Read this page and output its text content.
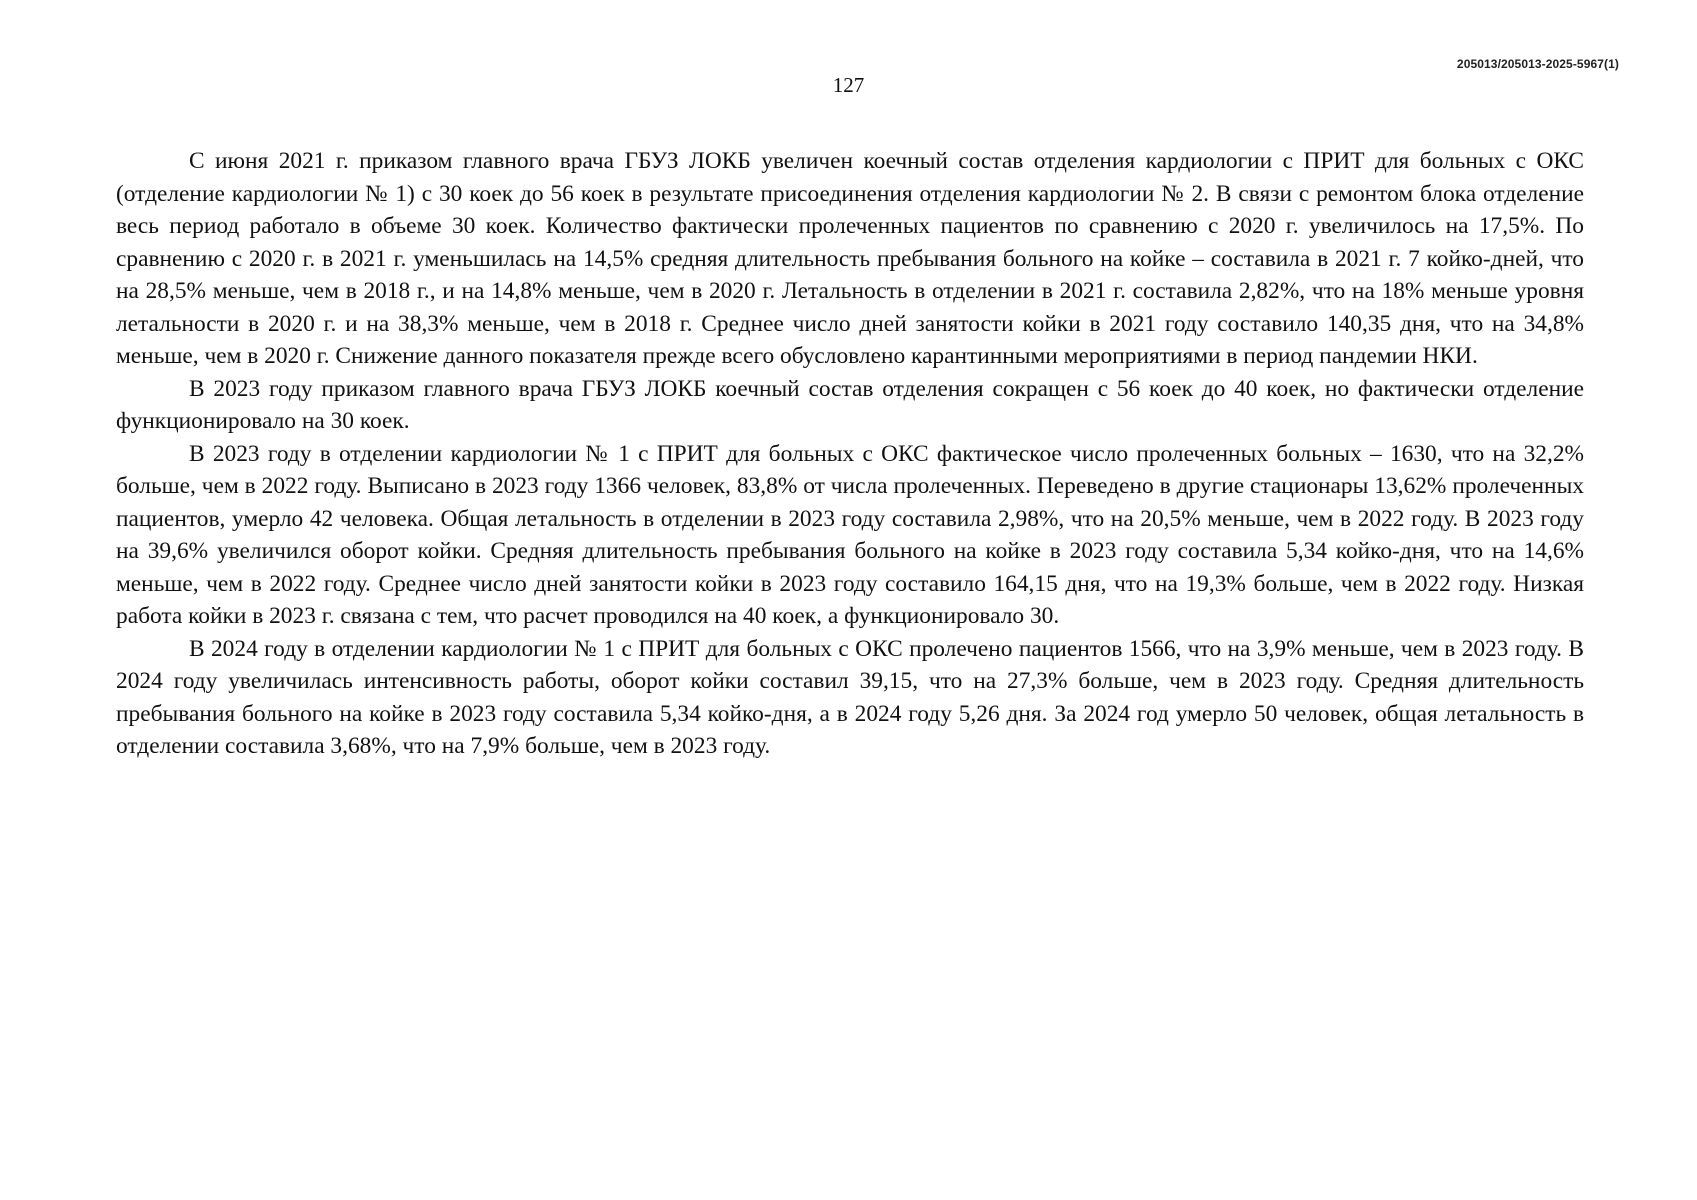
205013/205013-2025-5967(1)
127

С июня 2021 г. приказом главного врача ГБУЗ ЛОКБ увеличен коечный состав отделения кардиологии с ПРИТ для больных с ОКС (отделение кардиологии № 1) с 30 коек до 56 коек в результате присоединения отделения кардиологии № 2. В связи с ремонтом блока отделение весь период работало в объеме 30 коек. Количество фактически пролеченных пациентов по сравнению с 2020 г. увеличилось на 17,5%. По сравнению с 2020 г. в 2021 г. уменьшилась на 14,5% средняя длительность пребывания больного на койке – составила в 2021 г. 7 койко-дней, что на 28,5% меньше, чем в 2018 г., и на 14,8% меньше, чем в 2020 г. Летальность в отделении в 2021 г. составила 2,82%, что на 18% меньше уровня летальности в 2020 г. и на 38,3% меньше, чем в 2018 г. Среднее число дней занятости койки в 2021 году составило 140,35 дня, что на 34,8% меньше, чем в 2020 г. Снижение данного показателя прежде всего обусловлено карантинными мероприятиями в период пандемии НКИ.

В 2023 году приказом главного врача ГБУЗ ЛОКБ коечный состав отделения сокращен с 56 коек до 40 коек, но фактически отделение функционировало на 30 коек.

В 2023 году в отделении кардиологии № 1 с ПРИТ для больных с ОКС фактическое число пролеченных больных – 1630, что на 32,2% больше, чем в 2022 году. Выписано в 2023 году 1366 человек, 83,8% от числа пролеченных. Переведено в другие стационары 13,62% пролеченных пациентов, умерло 42 человека. Общая летальность в отделении в 2023 году составила 2,98%, что на 20,5% меньше, чем в 2022 году. В 2023 году на 39,6% увеличился оборот койки. Средняя длительность пребывания больного на койке в 2023 году составила 5,34 койко-дня, что на 14,6% меньше, чем в 2022 году. Среднее число дней занятости койки в 2023 году составило 164,15 дня, что на 19,3% больше, чем в 2022 году. Низкая работа койки в 2023 г. связана с тем, что расчет проводился на 40 коек, а функционировало 30.

В 2024 году в отделении кардиологии № 1 с ПРИТ для больных с ОКС пролечено пациентов 1566, что на 3,9% меньше, чем в 2023 году. В 2024 году увеличилась интенсивность работы, оборот койки составил 39,15, что на 27,3% больше, чем в 2023 году. Средняя длительность пребывания больного на койке в 2023 году составила 5,34 койко-дня, а в 2024 году 5,26 дня. За 2024 год умерло 50 человек, общая летальность в отделении составила 3,68%, что на 7,9% больше, чем в 2023 году.
